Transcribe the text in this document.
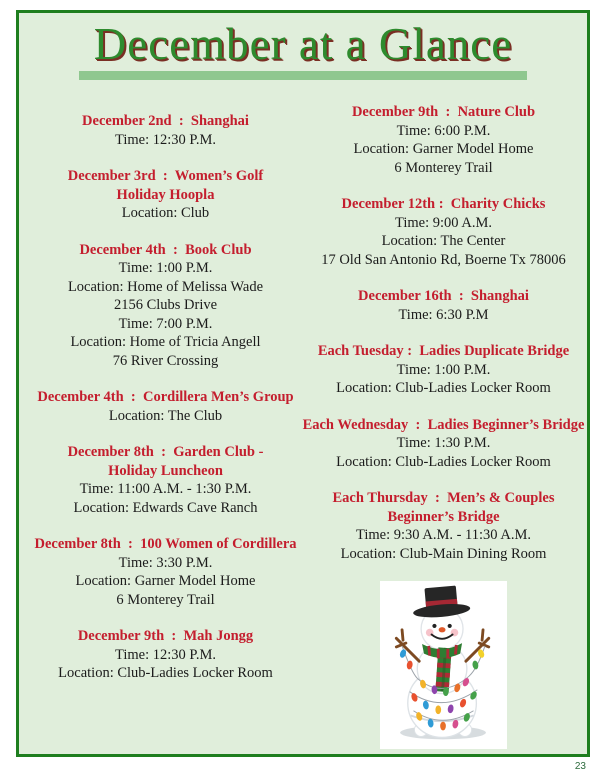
December at a Glance
December 2nd  :  Shanghai
Time: 12:30 P.M.
December 3rd  :  Women’s Golf
Holiday Hoopla
Location: Club
December 4th  :  Book Club
Time: 1:00 P.M.
Location: Home of Melissa Wade
2156 Clubs Drive
Time: 7:00 P.M.
Location: Home of Tricia Angell
76 River Crossing
December 4th  :  Cordillera Men’s Group
Location: The Club
December 8th  :  Garden Club -
Holiday Luncheon
Time: 11:00 A.M. - 1:30 P.M.
Location: Edwards Cave Ranch
December 8th  :  100 Women of Cordillera
Time: 3:30 P.M.
Location: Garner Model Home
6 Monterey Trail
December 9th  :  Mah Jongg
Time: 12:30 P.M.
Location: Club-Ladies Locker Room
December 9th  :  Nature Club
Time: 6:00 P.M.
Location: Garner Model Home
6 Monterey Trail
December 12th :  Charity Chicks
Time: 9:00 A.M.
Location: The Center
17 Old San Antonio Rd, Boerne Tx 78006
December 16th  :  Shanghai
Time: 6:30 P.M
Each Tuesday :  Ladies Duplicate Bridge
Time: 1:00 P.M.
Location: Club-Ladies Locker Room
Each Wednesday  :  Ladies Beginner’s Bridge
Time: 1:30 P.M.
Location: Club-Ladies Locker Room
Each Thursday  :  Men’s & Couples
Beginner’s Bridge
Time: 9:30 A.M. - 11:30 A.M.
Location: Club-Main Dining Room
23
